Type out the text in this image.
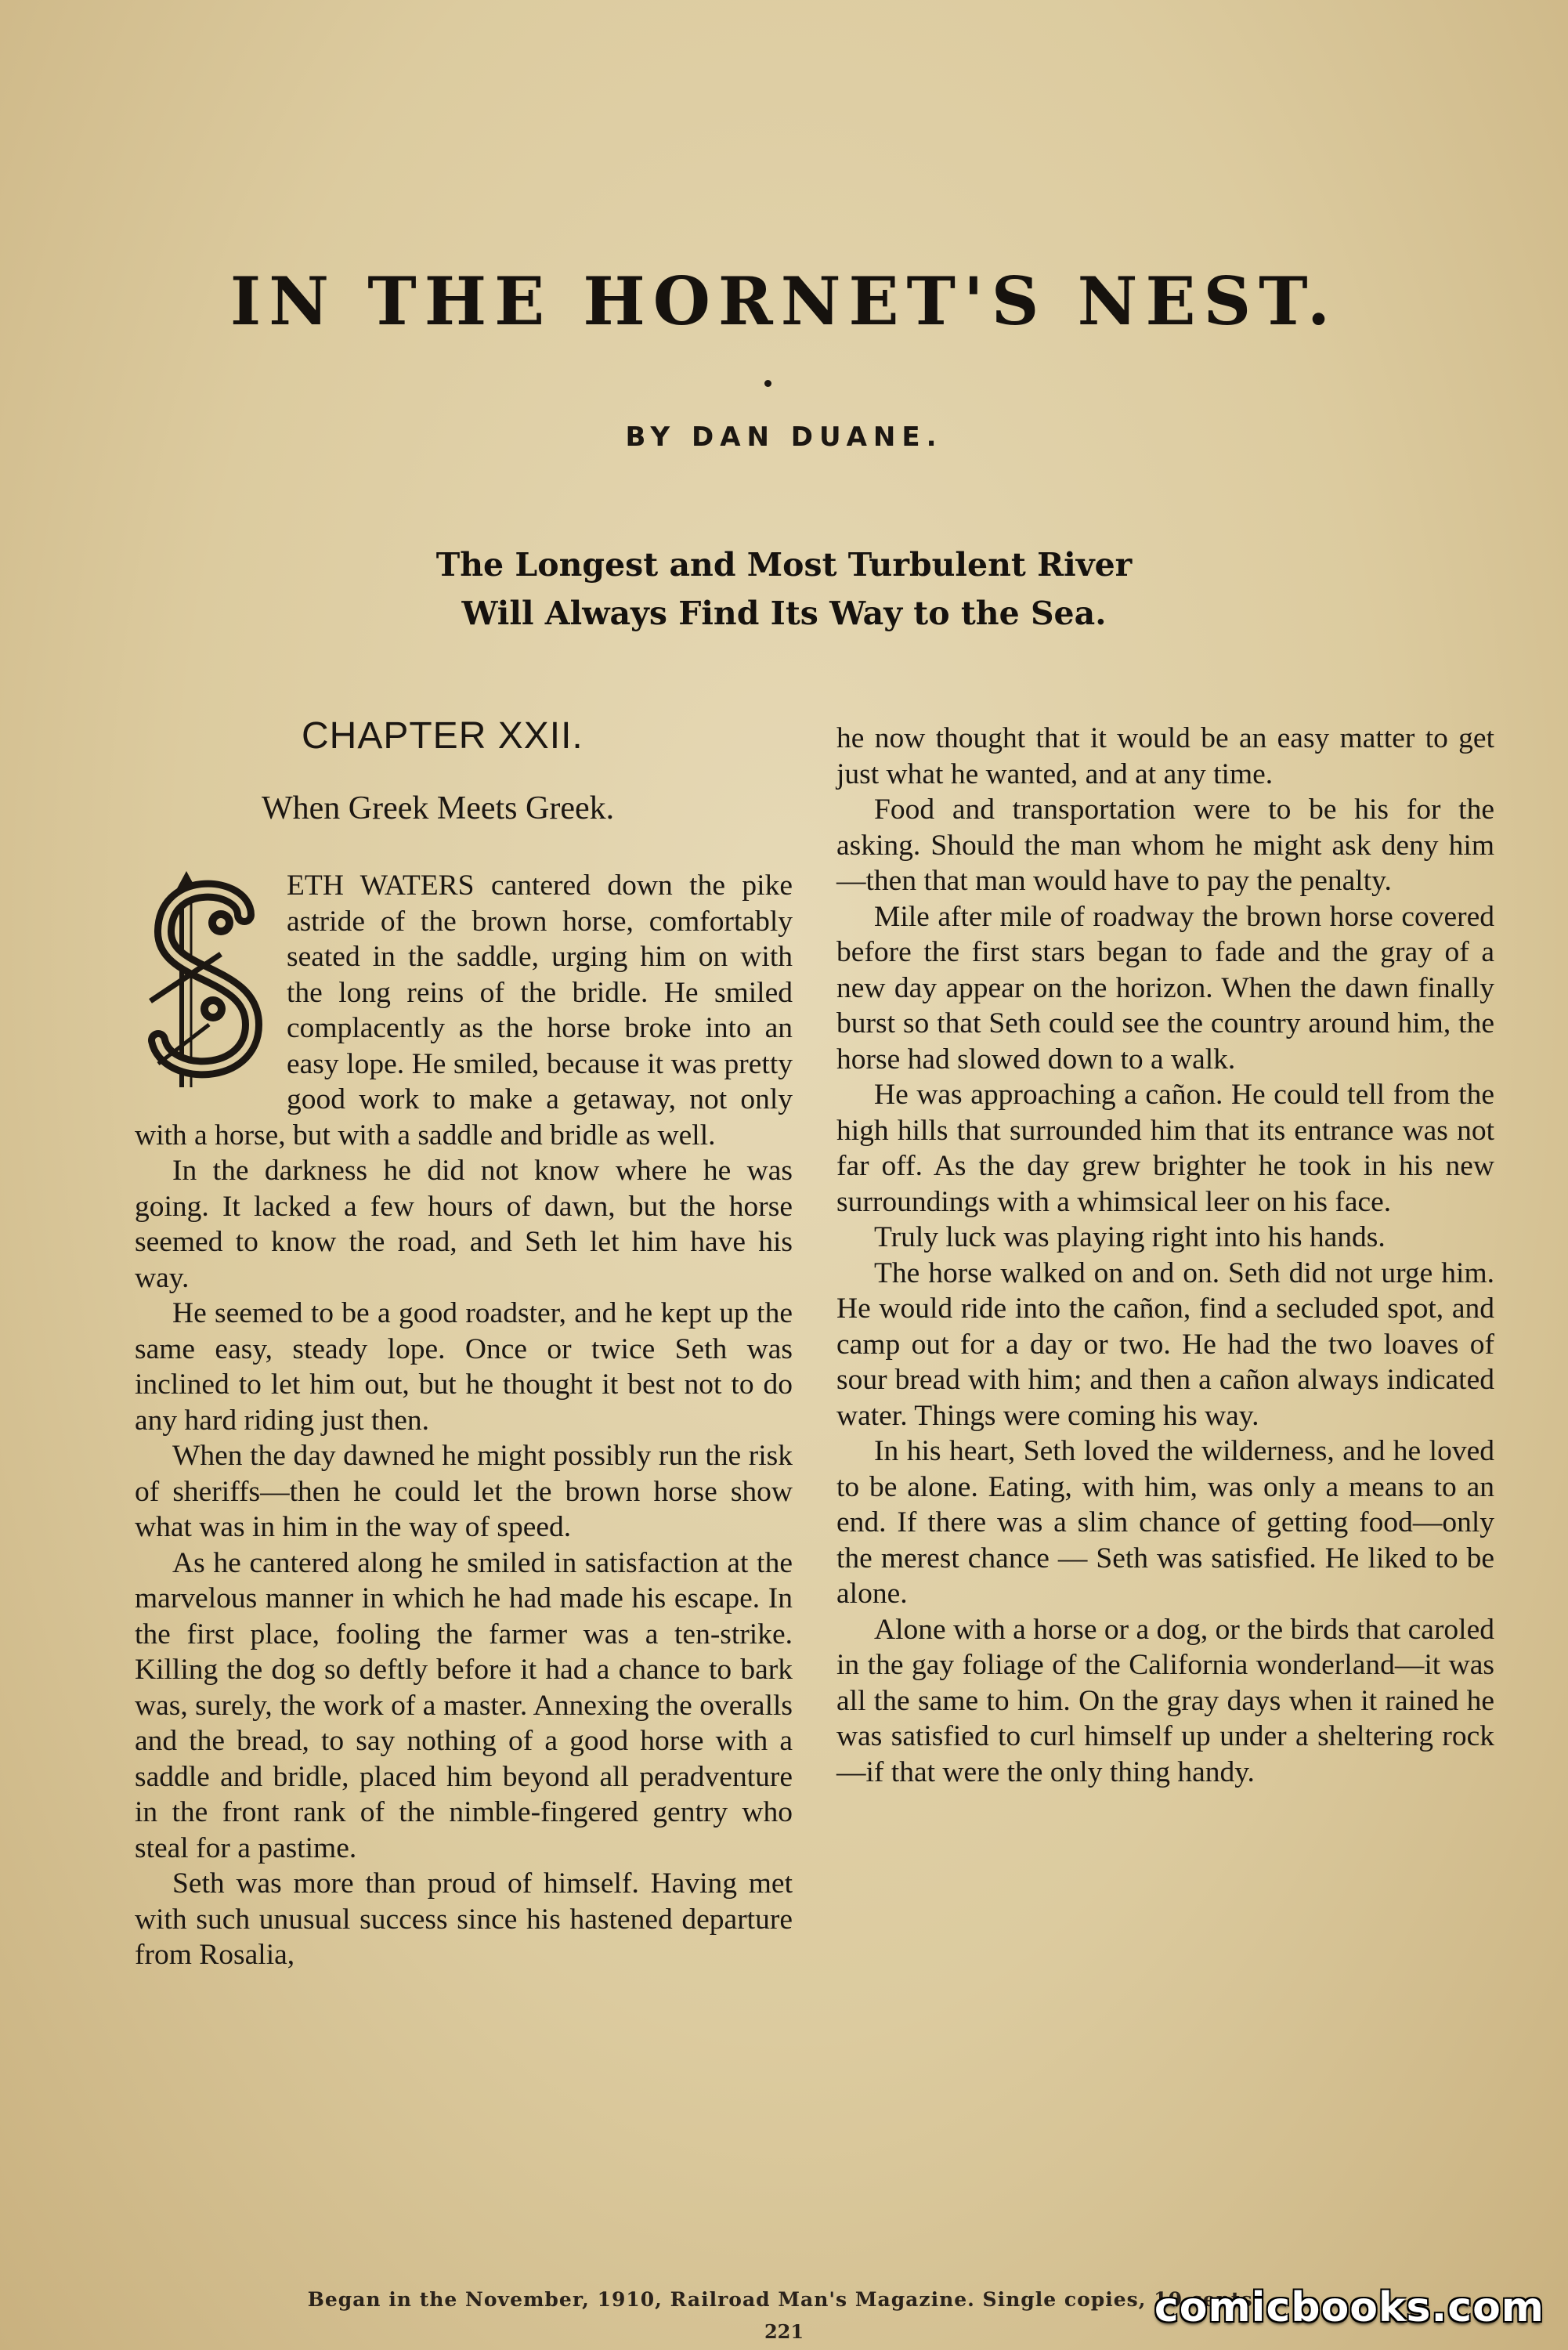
IN THE HORNET'S NEST.
BY DAN DUANE.
The Longest and Most Turbulent River
Will Always Find Its Way to the Sea.
CHAPTER XXII.
When Greek Meets Greek.

ETH WATERS cantered down the pike astride of the brown horse, comfortably seated in the saddle, urging him on with the long reins of the bridle. He smiled complacently as the horse broke into an easy lope. He smiled, because it was pretty good work to make a getaway, not only with a horse, but with a saddle and bridle as well.

In the darkness he did not know where he was going. It lacked a few hours of dawn, but the horse seemed to know the road, and Seth let him have his way.

He seemed to be a good roadster, and he kept up the same easy, steady lope. Once or twice Seth was inclined to let him out, but he thought it best not to do any hard riding just then.

When the day dawned he might possibly run the risk of sheriffs—then he could let the brown horse show what was in him in the way of speed.

As he cantered along he smiled in satisfaction at the marvelous manner in which he had made his escape. In the first place, fooling the farmer was a ten-strike. Killing the dog so deftly before it had a chance to bark was, surely, the work of a master. Annexing the overalls and the bread, to say nothing of a good horse with a saddle and bridle, placed him beyond all peradventure in the front rank of the nimble-fingered gentry who steal for a pastime.

Seth was more than proud of himself. Having met with such unusual success since his hastened departure from Rosalia,

he now thought that it would be an easy matter to get just what he wanted, and at any time.

Food and transportation were to be his for the asking. Should the man whom he might ask deny him—then that man would have to pay the penalty.

Mile after mile of roadway the brown horse covered before the first stars began to fade and the gray of a new day appear on the horizon. When the dawn finally burst so that Seth could see the country around him, the horse had slowed down to a walk.

He was approaching a cañon. He could tell from the high hills that surrounded him that its entrance was not far off. As the day grew brighter he took in his new surroundings with a whimsical leer on his face.

Truly luck was playing right into his hands.

The horse walked on and on. Seth did not urge him. He would ride into the cañon, find a secluded spot, and camp out for a day or two. He had the two loaves of sour bread with him; and then a cañon always indicated water. Things were coming his way.

In his heart, Seth loved the wilderness, and he loved to be alone. Eating, with him, was only a means to an end. If there was a slim chance of getting food—only the merest chance — Seth was satisfied. He liked to be alone.

Alone with a horse or a dog, or the birds that caroled in the gay foliage of the California wonderland—it was all the same to him. On the gray days when it rained he was satisfied to curl himself up under a sheltering rock—if that were the only thing handy.

Began in the November, 1910, Railroad Man's Magazine. Single copies, 10 cents.
221
comicbooks.com
